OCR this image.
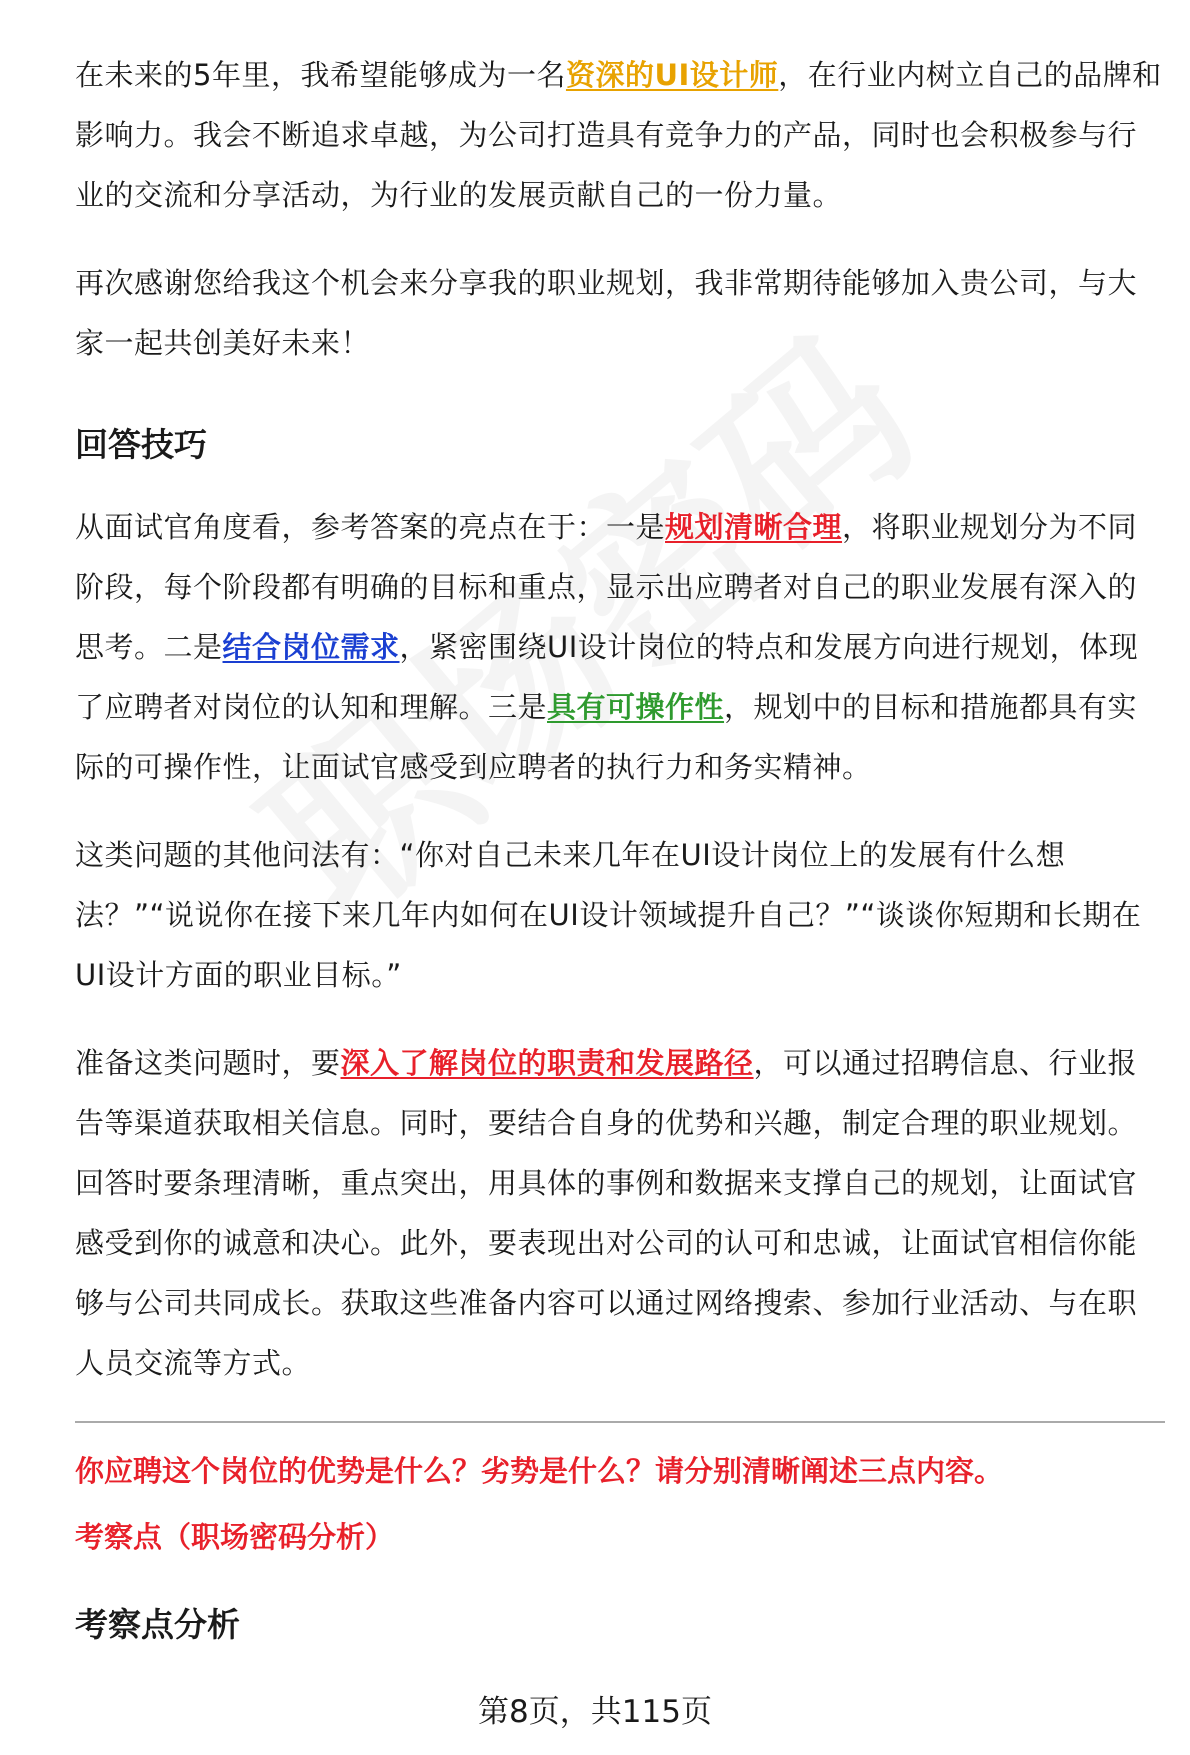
在未来的5年里，我希望能够成为一名资深的UI设计师，在行业内树立自己的品牌和影响力。我会不断追求卓越，为公司打造具有竞争力的产品，同时也会积极参与行业的交流和分享活动，为行业的发展贡献自己的一份力量。

再次感谢您给我这个机会来分享我的职业规划，我非常期待能够加入贵公司，与大家一起共创美好未来！

回答技巧

从面试官角度看，参考答案的亮点在于：一是规划清晰合理，将职业规划分为不同阶段，每个阶段都有明确的目标和重点，显示出应聘者对自己的职业发展有深入的思考。二是结合岗位需求，紧密围绕UI设计岗位的特点和发展方向进行规划，体现了应聘者对岗位的认知和理解。三是具有可操作性，规划中的目标和措施都具有实际的可操作性，让面试官感受到应聘者的执行力和务实精神。

这类问题的其他问法有：“你对自己未来几年在UI设计岗位上的发展有什么想法？”“说说你在接下来几年内如何在UI设计领域提升自己？”“谈谈你短期和长期在UI设计方面的职业目标。”

准备这类问题时，要深入了解岗位的职责和发展路径，可以通过招聘信息、行业报告等渠道获取相关信息。同时，要结合自身的优势和兴趣，制定合理的职业规划。回答时要条理清晰，重点突出，用具体的事例和数据来支撑自己的规划，让面试官感受到你的诚意和决心。此外，要表现出对公司的认可和忠诚，让面试官相信你能够与公司共同成长。获取这些准备内容可以通过网络搜索、参加行业活动、与在职人员交流等方式。

你应聘这个岗位的优势是什么？劣势是什么？请分别清晰阐述三点内容。
考察点（职场密码分析）
考察点分析
第8页，共115页
